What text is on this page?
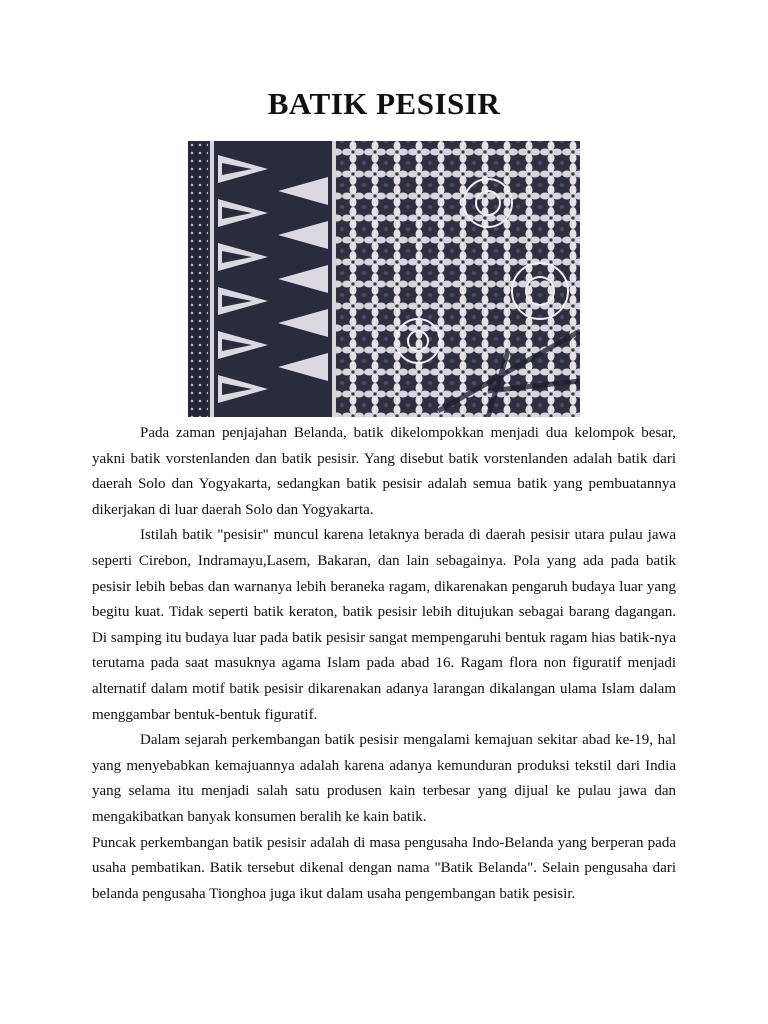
BATIK PESISIR

Pada zaman penjajahan Belanda, batik dikelompokkan menjadi dua kelompok besar, yakni batik vorstenlanden dan batik pesisir. Yang disebut batik vorstenlanden adalah batik dari daerah Solo dan Yogyakarta, sedangkan batik pesisir adalah semua batik yang pembuatannya dikerjakan di luar daerah Solo dan Yogyakarta.

Istilah batik "pesisir" muncul karena letaknya berada di daerah pesisir utara pulau jawa seperti Cirebon, Indramayu,Lasem, Bakaran, dan lain sebagainya. Pola yang ada pada batik pesisir lebih bebas dan warnanya lebih beraneka ragam, dikarenakan pengaruh budaya luar yang begitu kuat. Tidak seperti batik keraton, batik pesisir lebih ditujukan sebagai barang dagangan. Di samping itu budaya luar pada batik pesisir sangat mempengaruhi bentuk ragam hias batik-nya terutama pada saat masuknya agama Islam pada abad 16. Ragam flora non figuratif menjadi alternatif dalam motif batik pesisir dikarenakan adanya larangan dikalangan ulama Islam dalam menggambar bentuk-bentuk figuratif.

Dalam sejarah perkembangan batik pesisir mengalami kemajuan sekitar abad ke-19, hal yang menyebabkan kemajuannya adalah karena adanya kemunduran produksi tekstil dari India yang selama itu menjadi salah satu produsen kain terbesar yang dijual ke pulau jawa dan mengakibatkan banyak konsumen beralih ke kain batik.

Puncak perkembangan batik pesisir adalah di masa pengusaha Indo-Belanda yang berperan pada usaha pembatikan. Batik tersebut dikenal dengan nama "Batik Belanda". Selain pengusaha dari belanda pengusaha Tionghoa juga ikut dalam usaha pengembangan batik pesisir.
